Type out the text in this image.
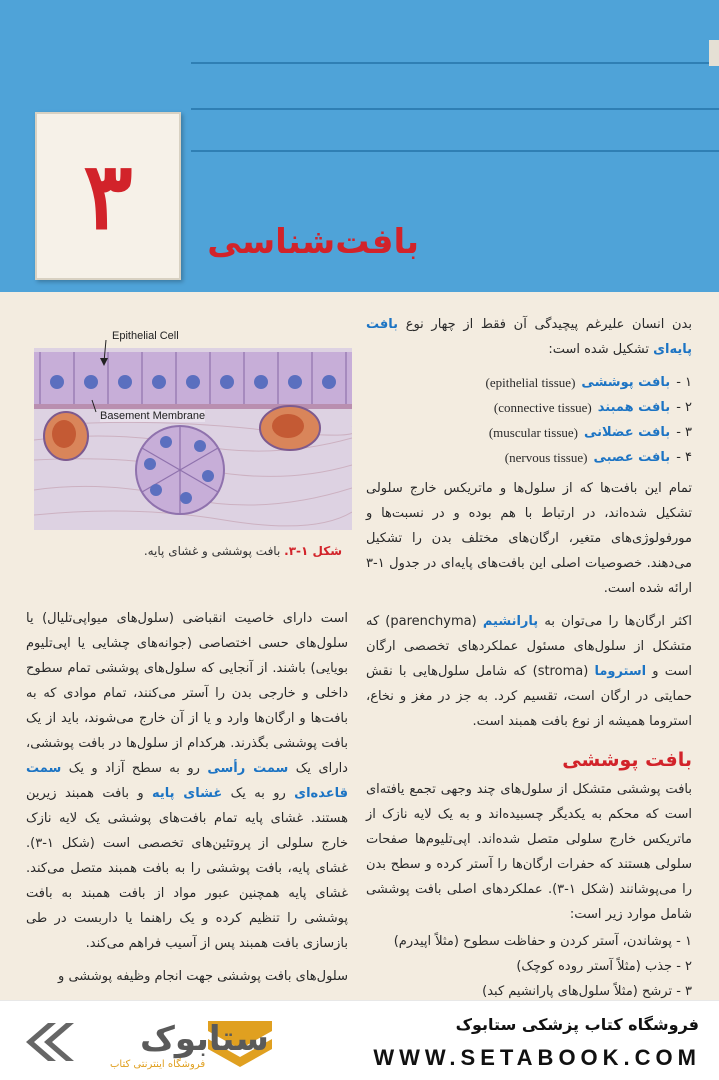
۳ بافت‌شناسی
Epithelial Cell
Basement Membrane
شکل ۱-۳. بافت پوششی و غشای پایه.

بدن انسان علیرغم پیچیدگی آن فقط از چهار نوع بافت پایه‌ای تشکیل شده است:

۱ -
بافت پوششی
(epithelial tissue)
۲ -
بافت همبند
(connective tissue)
۳ -
بافت عضلانی
(muscular tissue)
۴ -
بافت عصبی
(nervous tissue)

تمام این بافت‌ها که از سلول‌ها و ماتریکس خارج سلولی تشکیل شده‌اند، در ارتباط با هم بوده و در نسبت‌ها و مورفولوژی‌های متغیر، ارگان‌های مختلف بدن را تشکیل می‌دهند. خصوصیات اصلی این بافت‌های پایه‌ای در جدول ۱-۳ ارائه شده است.

اکثر ارگان‌ها را می‌توان به پارانشیم (parenchyma) که متشکل از سلول‌های مسئول عملکردهای تخصصی ارگان است و استروما (stroma) که شامل سلول‌هایی با نقش حمایتی در ارگان است، تقسیم کرد. به جز در مغز و نخاع، استروما همیشه از نوع بافت همبند است.

بافت پوششی

بافت پوششی متشکل از سلول‌های چند وجهی تجمع یافته‌ای است که محکم به یکدیگر چسبیده‌اند و به یک لایه نازک از ماتریکس خارج سلولی متصل شده‌اند. اپی‌تلیوم‌ها صفحات سلولی هستند که حفرات ارگان‌ها را آستر کرده و سطح بدن را می‌پوشانند (شکل ۱-۳). عملکردهای اصلی بافت پوششی شامل موارد زیر است:

۱ - پوشاندن، آستر کردن و حفاظت سطوح (مثلاً اپیدرم)
۲ - جذب (مثلاً آستر روده کوچک)
۳ - ترشح (مثلاً سلول‌های پارانشیم کبد)

است دارای خاصیت انقباضی (سلول‌های میواپی‌تلیال) یا سلول‌های حسی اختصاصی (جوانه‌های چشایی یا اپی‌تلیوم بویایی) باشند. از آنجایی که سلول‌های پوششی تمام سطوح داخلی و خارجی بدن را آستر می‌کنند، تمام موادی که به بافت‌ها و ارگان‌ها وارد و یا از آن خارج می‌شوند، باید از یک بافت پوششی بگذرند. هرکدام از سلول‌ها در بافت پوششی، دارای یک سمت رأسی رو به سطح آزاد و یک سمت قاعده‌ای رو به یک غشای پایه و بافت همبند زیرین هستند. غشای پایه تمام بافت‌های پوششی یک لایه نازک خارج سلولی از پروتئین‌های تخصصی است (شکل ۱-۳). غشای پایه، بافت پوششی را به بافت همبند متصل می‌کند. غشای پایه همچنین عبور مواد از بافت همبند به بافت پوششی را تنظیم کرده و یک راهنما یا داربست در طی بازسازی بافت همبند پس از آسیب فراهم می‌کند.

سلول‌های بافت پوششی جهت انجام وظیفه پوششی و

ستابوک
فروشگاه اینترنتی کتاب
فروشگاه کتاب پزشکی ستابوک
WWW.SETABOOK.COM
